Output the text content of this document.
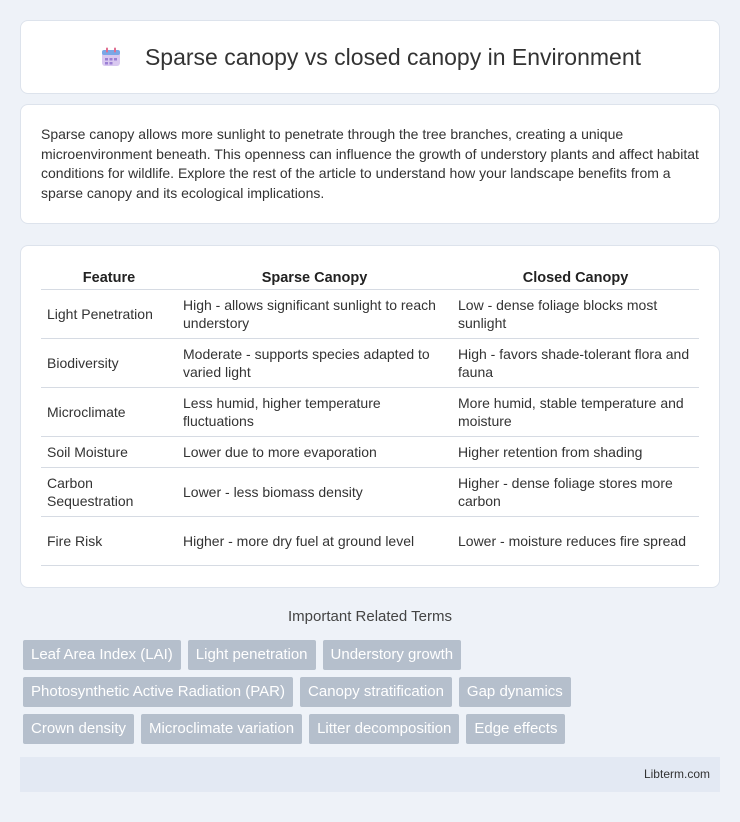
Sparse canopy vs closed canopy in Environment

Sparse canopy allows more sunlight to penetrate through the tree branches, creating a unique microenvironment beneath. This openness can influence the growth of understory plants and affect habitat conditions for wildlife. Explore the rest of the article to understand how your landscape benefits from a sparse canopy and its ecological implications.

Feature	Sparse Canopy	Closed Canopy
Light Penetration	High - allows significant sunlight to reach understory	Low - dense foliage blocks most sunlight
Biodiversity	Moderate - supports species adapted to varied light	High - favors shade-tolerant flora and fauna
Microclimate	Less humid, higher temperature fluctuations	More humid, stable temperature and moisture
Soil Moisture	Lower due to more evaporation	Higher retention from shading
Carbon Sequestration	Lower - less biomass density	Higher - dense foliage stores more carbon
Fire Risk	Higher - more dry fuel at ground level	Lower - moisture reduces fire spread
Important Related Terms
Leaf Area Index (LAI)	Light penetration	Understory growth
Photosynthetic Active Radiation (PAR)	Canopy stratification	Gap dynamics
Crown density	Microclimate variation	Litter decomposition	Edge effects
Libterm.com
